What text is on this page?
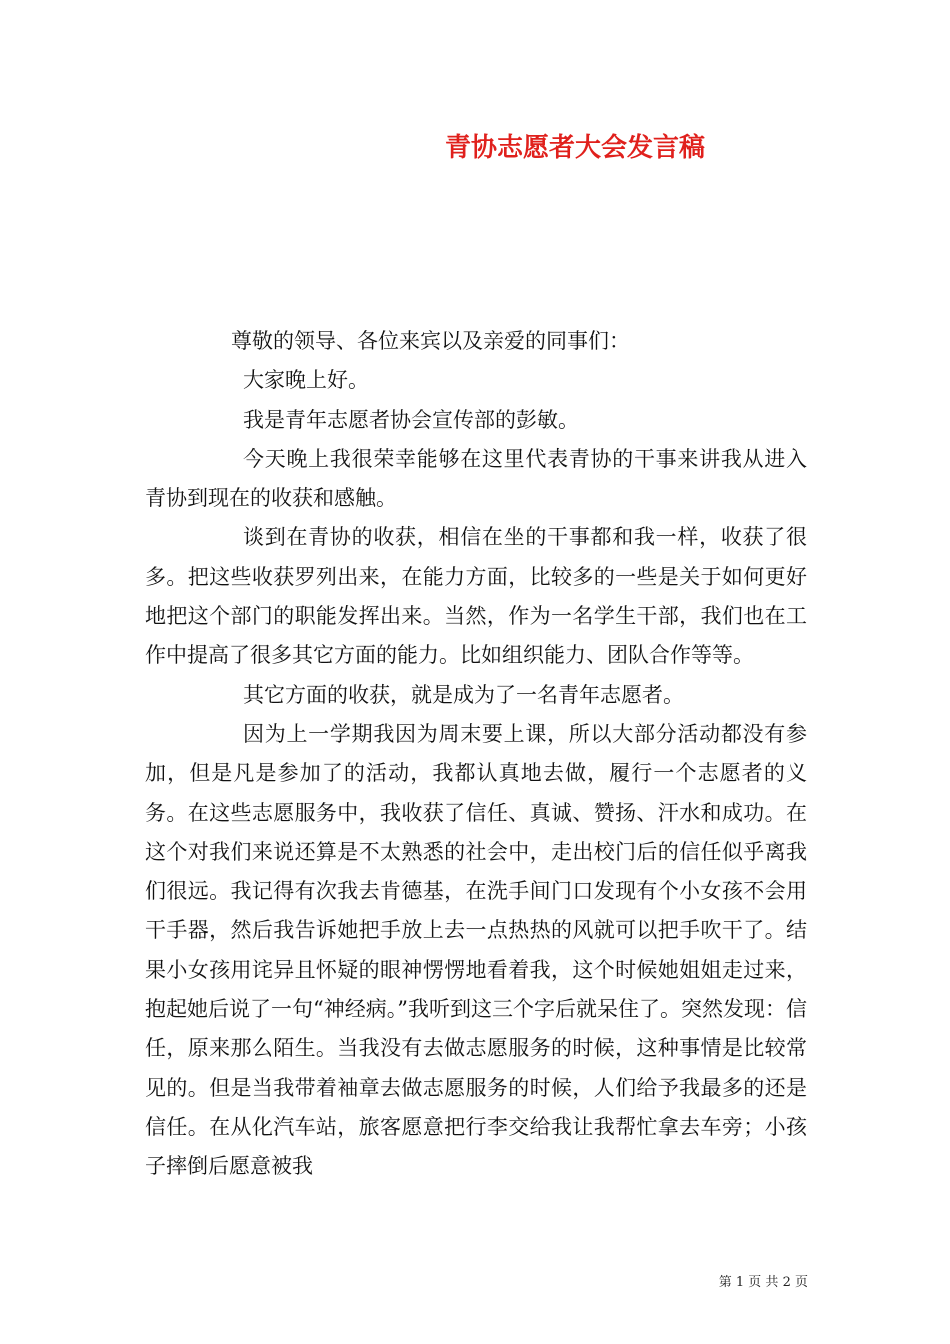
青协志愿者大会发言稿

尊敬的领导、各位来宾以及亲爱的同事们：

大家晚上好。

我是青年志愿者协会宣传部的彭敏。

今天晚上我很荣幸能够在这里代表青协的干事来讲我从进入青协到现在的收获和感触。

谈到在青协的收获，相信在坐的干事都和我一样，收获了很多。把这些收获罗列出来，在能力方面，比较多的一些是关于如何更好地把这个部门的职能发挥出来。当然，作为一名学生干部，我们也在工作中提高了很多其它方面的能力。比如组织能力、团队合作等等。

其它方面的收获，就是成为了一名青年志愿者。

因为上一学期我因为周末要上课，所以大部分活动都没有参加，但是凡是参加了的活动，我都认真地去做，履行一个志愿者的义务。在这些志愿服务中，我收获了信任、真诚、赞扬、汗水和成功。在这个对我们来说还算是不太熟悉的社会中，走出校门后的信任似乎离我们很远。我记得有次我去肯德基，在洗手间门口发现有个小女孩不会用干手器，然后我告诉她把手放上去一点热热的风就可以把手吹干了。结果小女孩用诧异且怀疑的眼神愣愣地看着我，这个时候她姐姐走过来，抱起她后说了一句“神经病。”我听到这三个字后就呆住了。突然发现：信任，原来那么陌生。当我没有去做志愿服务的时候，这种事情是比较常见的。但是当我带着袖章去做志愿服务的时候，人们给予我最多的还是信任。在从化汽车站，旅客愿意把行李交给我让我帮忙拿去车旁；小孩子摔倒后愿意被我

第 1 页 共 2 页
